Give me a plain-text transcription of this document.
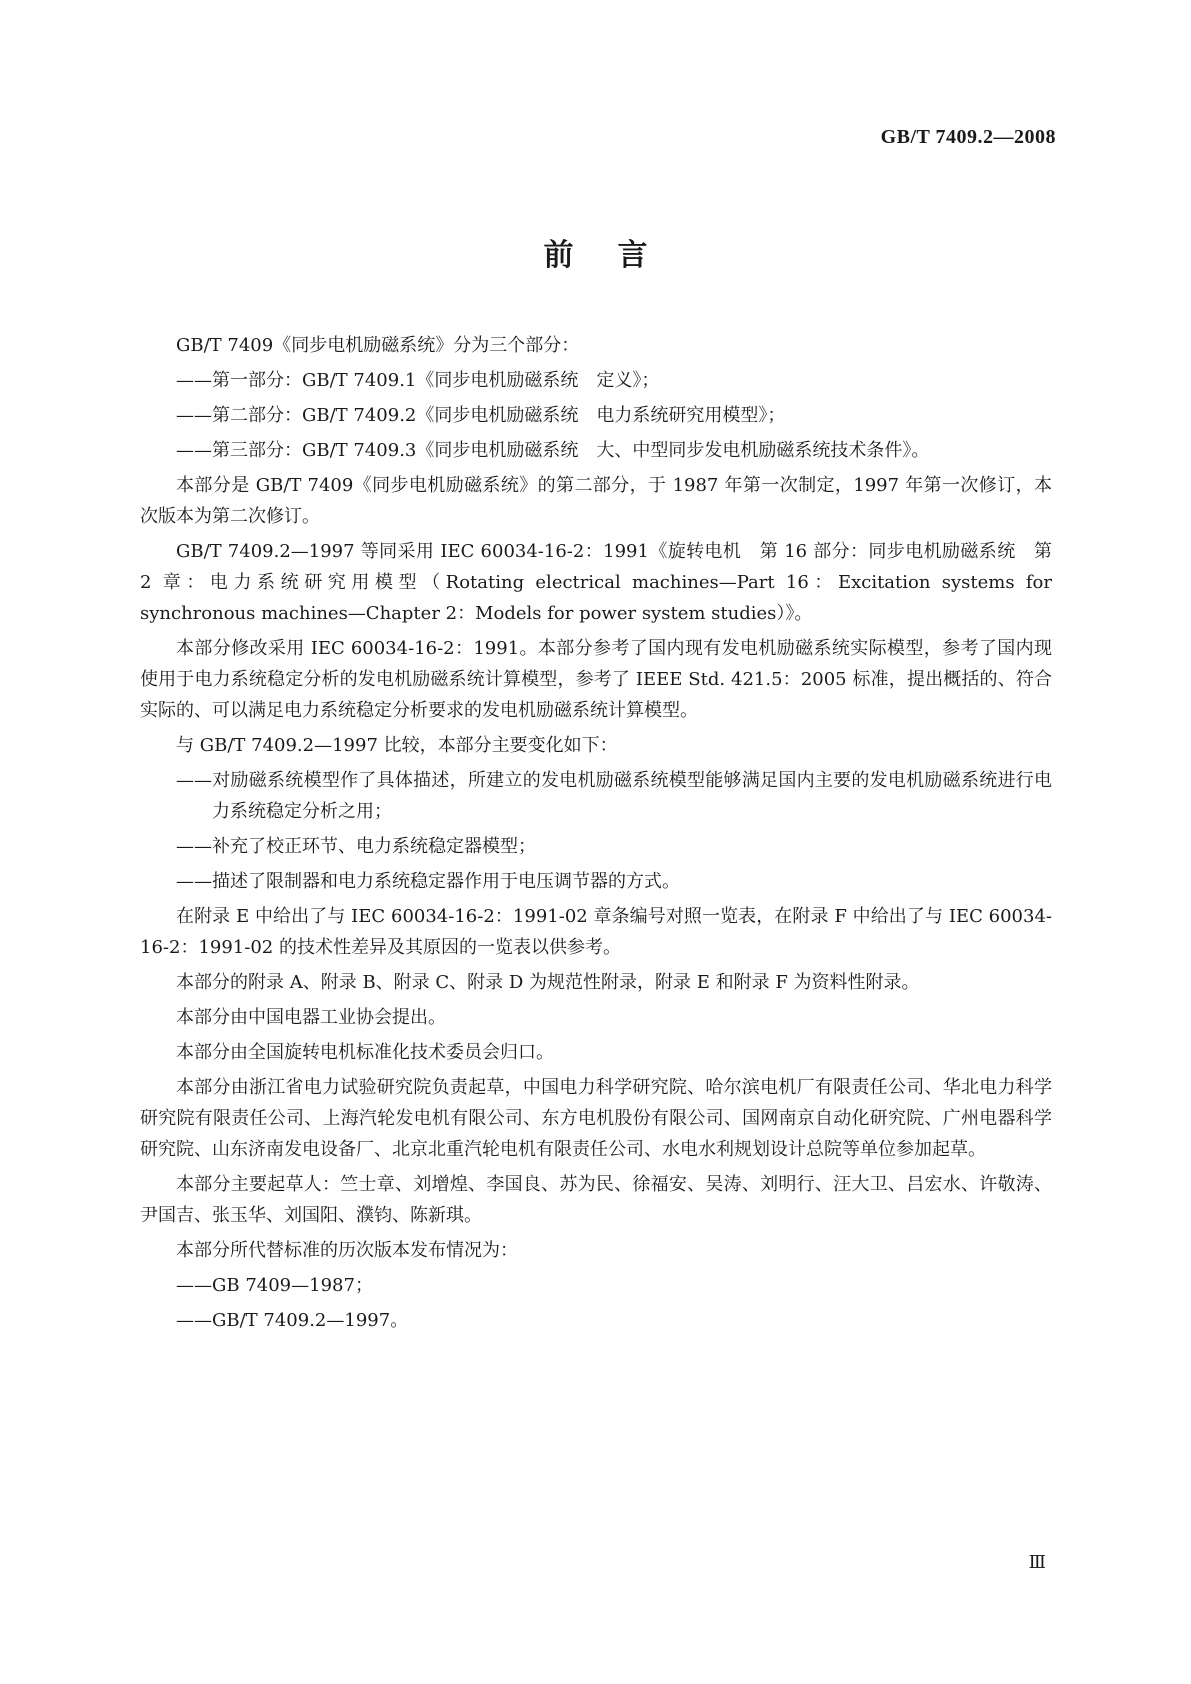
GB/T 7409.2—2008
前言

GB/T 7409《同步电机励磁系统》分为三个部分：

——第一部分：GB/T 7409.1《同步电机励磁系统　定义》；

——第二部分：GB/T 7409.2《同步电机励磁系统　电力系统研究用模型》；

——第三部分：GB/T 7409.3《同步电机励磁系统　大、中型同步发电机励磁系统技术条件》。

本部分是 GB/T 7409《同步电机励磁系统》的第二部分，于 1987 年第一次制定，1997 年第一次修订，本次版本为第二次修订。

GB/T 7409.2—1997 等同采用 IEC 60034-16-2：1991《旋转电机　第 16 部分：同步电机励磁系统　第 2 章：电力系统研究用模型（Rotating electrical machines—Part 16：Excitation systems for synchronous machines—Chapter 2：Models for power system studies）》。

本部分修改采用 IEC 60034-16-2：1991。本部分参考了国内现有发电机励磁系统实际模型，参考了国内现使用于电力系统稳定分析的发电机励磁系统计算模型，参考了 IEEE Std. 421.5：2005 标准，提出概括的、符合实际的、可以满足电力系统稳定分析要求的发电机励磁系统计算模型。

与 GB/T 7409.2—1997 比较，本部分主要变化如下：

——对励磁系统模型作了具体描述，所建立的发电机励磁系统模型能够满足国内主要的发电机励磁系统进行电力系统稳定分析之用；

——补充了校正环节、电力系统稳定器模型；

——描述了限制器和电力系统稳定器作用于电压调节器的方式。

在附录 E 中给出了与 IEC 60034-16-2：1991-02 章条编号对照一览表，在附录 F 中给出了与 IEC 60034-16-2：1991-02 的技术性差异及其原因的一览表以供参考。

本部分的附录 A、附录 B、附录 C、附录 D 为规范性附录，附录 E 和附录 F 为资料性附录。

本部分由中国电器工业协会提出。

本部分由全国旋转电机标准化技术委员会归口。

本部分由浙江省电力试验研究院负责起草，中国电力科学研究院、哈尔滨电机厂有限责任公司、华北电力科学研究院有限责任公司、上海汽轮发电机有限公司、东方电机股份有限公司、国网南京自动化研究院、广州电器科学研究院、山东济南发电设备厂、北京北重汽轮电机有限责任公司、水电水利规划设计总院等单位参加起草。

本部分主要起草人：竺士章、刘增煌、李国良、苏为民、徐福安、吴涛、刘明行、汪大卫、吕宏水、许敬涛、尹国吉、张玉华、刘国阳、濮钧、陈新琪。

本部分所代替标准的历次版本发布情况为：

——GB 7409—1987；

——GB/T 7409.2—1997。

Ⅲ
